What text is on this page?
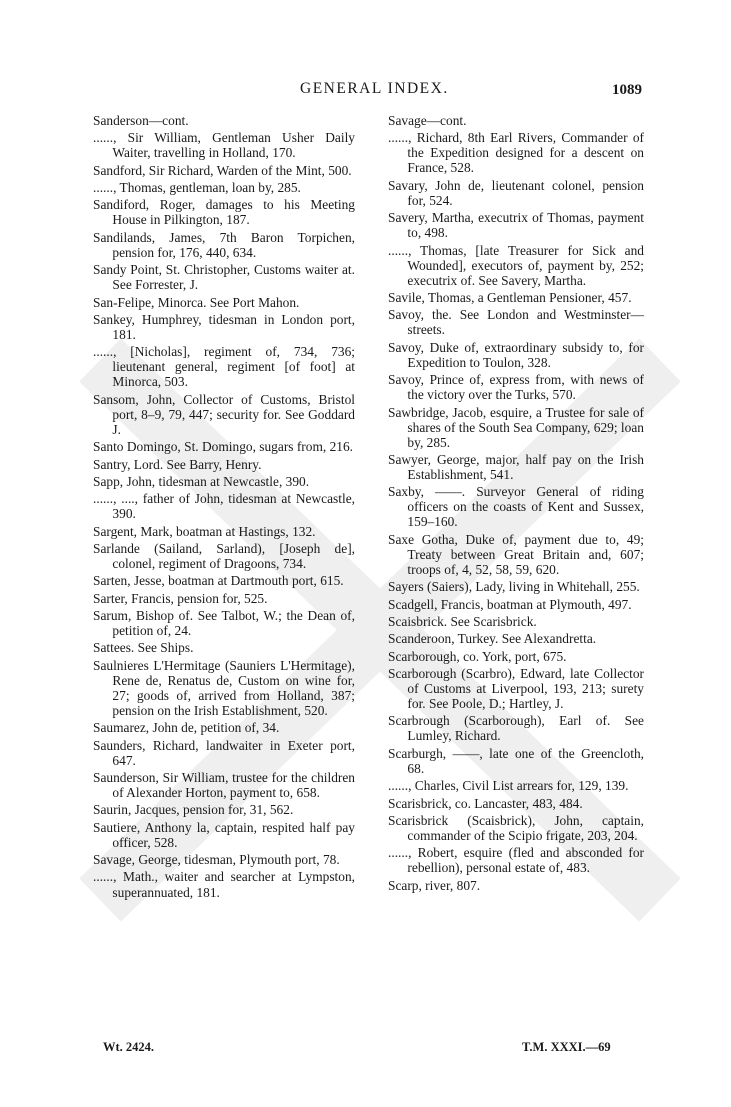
GENERAL INDEX.	1089

Sanderson—cont.

......, Sir William, Gentleman Usher Daily Waiter, travelling in Holland, 170.

Sandford, Sir Richard, Warden of the Mint, 500.

......, Thomas, gentleman, loan by, 285.

Sandiford, Roger, damages to his Meeting House in Pilkington, 187.

Sandilands, James, 7th Baron Torpichen, pension for, 176, 440, 634.

Sandy Point, St. Christopher, Customs waiter at. See Forrester, J.

San-Felipe, Minorca. See Port Mahon.

Sankey, Humphrey, tidesman in London port, 181.

......, [Nicholas], regiment of, 734, 736; lieutenant general, regiment [of foot] at Minorca, 503.

Sansom, John, Collector of Customs, Bristol port, 8–9, 79, 447; security for. See Goddard J.

Santo Domingo, St. Domingo, sugars from, 216.

Santry, Lord. See Barry, Henry.

Sapp, John, tidesman at Newcastle, 390.

......, ...., father of John, tidesman at Newcastle, 390.

Sargent, Mark, boatman at Hastings, 132.

Sarlande (Sailand, Sarland), [Joseph de], colonel, regiment of Dragoons, 734.

Sarten, Jesse, boatman at Dartmouth port, 615.

Sarter, Francis, pension for, 525.

Sarum, Bishop of. See Talbot, W.; the Dean of, petition of, 24.

Sattees. See Ships.

Saulnieres L'Hermitage (Sauniers L'Hermitage), Rene de, Renatus de, Custom on wine for, 27; goods of, arrived from Holland, 387; pension on the Irish Establishment, 520.

Saumarez, John de, petition of, 34.

Saunders, Richard, landwaiter in Exeter port, 647.

Saunderson, Sir William, trustee for the children of Alexander Horton, payment to, 658.

Saurin, Jacques, pension for, 31, 562.

Sautiere, Anthony la, captain, respited half pay officer, 528.

Savage, George, tidesman, Plymouth port, 78.

......, Math., waiter and searcher at Lympston, superannuated, 181.

Savage—cont.

......, Richard, 8th Earl Rivers, Commander of the Expedition designed for a descent on France, 528.

Savary, John de, lieutenant colonel, pension for, 524.

Savery, Martha, executrix of Thomas, payment to, 498.

......, Thomas, [late Treasurer for Sick and Wounded], executors of, payment by, 252; executrix of. See Savery, Martha.

Savile, Thomas, a Gentleman Pensioner, 457.

Savoy, the. See London and Westminster—streets.

Savoy, Duke of, extraordinary subsidy to, for Expedition to Toulon, 328.

Savoy, Prince of, express from, with news of the victory over the Turks, 570.

Sawbridge, Jacob, esquire, a Trustee for sale of shares of the South Sea Company, 629; loan by, 285.

Sawyer, George, major, half pay on the Irish Establishment, 541.

Saxby, ——. Surveyor General of riding officers on the coasts of Kent and Sussex, 159–160.

Saxe Gotha, Duke of, payment due to, 49; Treaty between Great Britain and, 607; troops of, 4, 52, 58, 59, 620.

Sayers (Saiers), Lady, living in Whitehall, 255.

Scadgell, Francis, boatman at Plymouth, 497.

Scaisbrick. See Scarisbrick.

Scanderoon, Turkey. See Alexandretta.

Scarborough, co. York, port, 675.

Scarborough (Scarbro), Edward, late Collector of Customs at Liverpool, 193, 213; surety for. See Poole, D.; Hartley, J.

Scarbrough (Scarborough), Earl of. See Lumley, Richard.

Scarburgh, ——, late one of the Greencloth, 68.

......, Charles, Civil List arrears for, 129, 139.

Scarisbrick, co. Lancaster, 483, 484.

Scarisbrick (Scaisbrick), John, captain, commander of the Scipio frigate, 203, 204.

......, Robert, esquire (fled and absconded for rebellion), personal estate of, 483.

Scarp, river, 807.

Wt. 2424.	T.M. XXXI.—69
